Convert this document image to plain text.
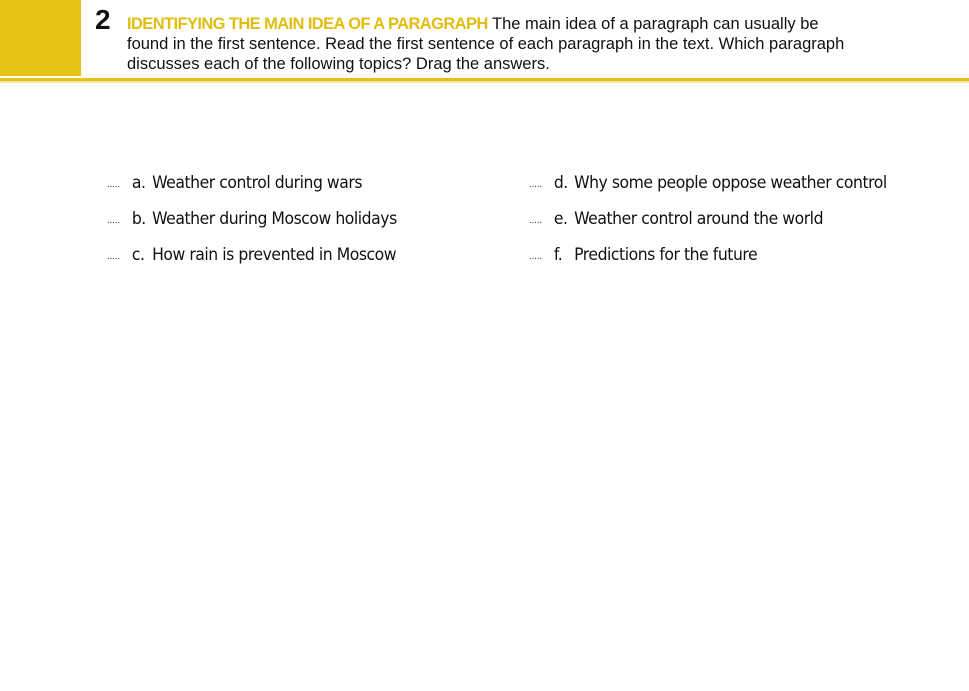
2 IDENTIFYING THE MAIN IDEA OF A PARAGRAPH The main idea of a paragraph can usually be
found in the first sentence. Read the first sentence of each paragraph in the text. Which paragraph
discusses each of the following topics? Drag the answers.
..... a. Weather control during wars
..... b. Weather during Moscow holidays
..... c. How rain is prevented in Moscow
..... d. Why some people oppose weather control
..... e. Weather control around the world
..... f. Predictions for the future
